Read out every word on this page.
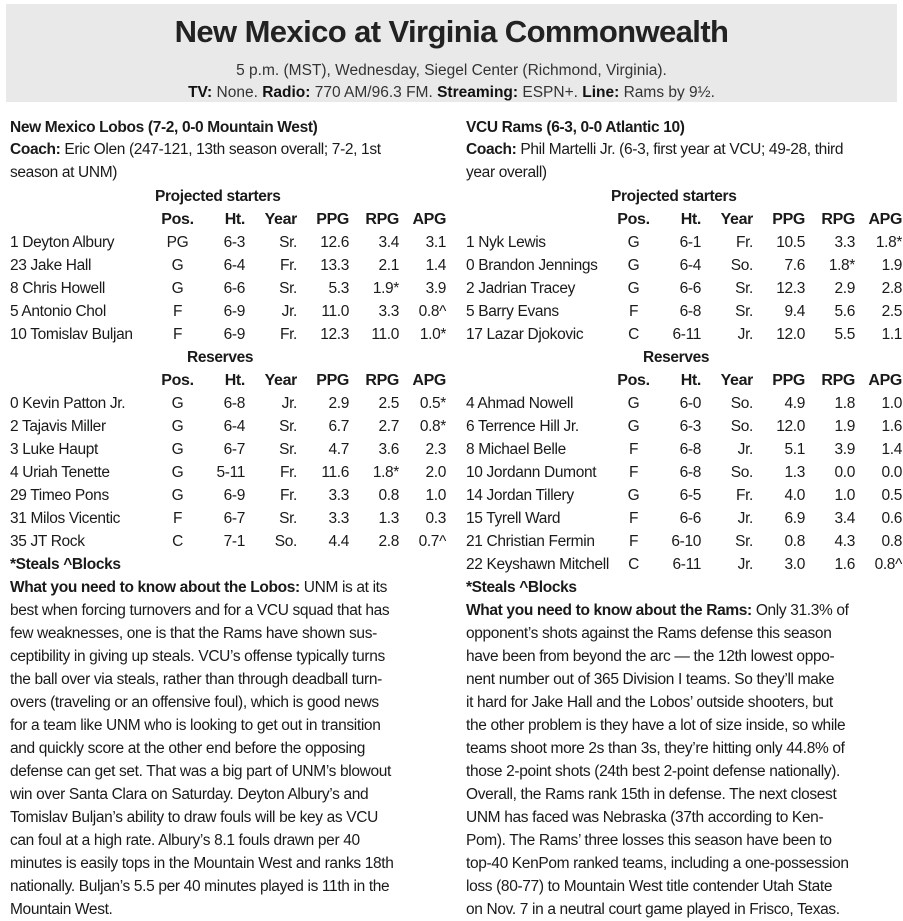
New Mexico at Virginia Commonwealth
5 p.m. (MST), Wednesday, Siegel Center (Richmond, Virginia).
TV: None. Radio: 770 AM/96.3 FM. Streaming: ESPN+. Line: Rams by 9½.
New Mexico Lobos (7-2, 0-0 Mountain West)
Coach: Eric Olen (247-121, 13th season overall; 7-2, 1st
season at UNM)
	Projected starters					
	Pos.	Ht.	Year	PPG	RPG	APG
1 Deyton Albury	PG	6-3	Sr.	12.6	3.4	3.1
23 Jake Hall	G	6-4	Fr.	13.3	2.1	1.4
8 Chris Howell	G	6-6	Sr.	5.3	1.9*	3.9
5 Antonio Chol	F	6-9	Jr.	11.0	3.3	0.8^
10 Tomislav Buljan	F	6-9	Fr.	12.3	11.0	1.0*
	Reserves					
	Pos.	Ht.	Year	PPG	RPG	APG
0 Kevin Patton Jr.	G	6-8	Jr.	2.9	2.5	0.5*
2 Tajavis Miller	G	6-4	Sr.	6.7	2.7	0.8*
3 Luke Haupt	G	6-7	Sr.	4.7	3.6	2.3
4 Uriah Tenette	G	5-11	Fr.	11.6	1.8*	2.0
29 Timeo Pons	G	6-9	Fr.	3.3	0.8	1.0
31 Milos Vicentic	F	6-7	Sr.	3.3	1.3	0.3
35 JT Rock	C	7-1	So.	4.4	2.8	0.7^
*Steals ^Blocks
What you need to know about the Lobos: UNM is at its
best when forcing turnovers and for a VCU squad that has
few weaknesses, one is that the Rams have shown sus-
ceptibility in giving up steals. VCU’s offense typically turns
the ball over via steals, rather than through deadball turn-
overs (traveling or an offensive foul), which is good news
for a team like UNM who is looking to get out in transition
and quickly score at the other end before the opposing
defense can get set. That was a big part of UNM’s blowout
win over Santa Clara on Saturday. Deyton Albury’s and
Tomislav Buljan’s ability to draw fouls will be key as VCU
can foul at a high rate. Albury’s 8.1 fouls drawn per 40
minutes is easily tops in the Mountain West and ranks 18th
nationally. Buljan’s 5.5 per 40 minutes played is 11th in the
Mountain West.
VCU Rams (6-3, 0-0 Atlantic 10)
Coach: Phil Martelli Jr. (6-3, first year at VCU; 49-28, third
year overall)
	Projected starters					
	Pos.	Ht.	Year	PPG	RPG	APG
1 Nyk Lewis	G	6-1	Fr.	10.5	3.3	1.8*
0 Brandon Jennings	G	6-4	So.	7.6	1.8*	1.9
2 Jadrian Tracey	G	6-6	Sr.	12.3	2.9	2.8
5 Barry Evans	F	6-8	Sr.	9.4	5.6	2.5
17 Lazar Djokovic	C	6-11	Jr.	12.0	5.5	1.1
	Reserves					
	Pos.	Ht.	Year	PPG	RPG	APG
4 Ahmad Nowell	G	6-0	So.	4.9	1.8	1.0
6 Terrence Hill Jr.	G	6-3	So.	12.0	1.9	1.6
8 Michael Belle	F	6-8	Jr.	5.1	3.9	1.4
10 Jordann Dumont	F	6-8	So.	1.3	0.0	0.0
14 Jordan Tillery	G	6-5	Fr.	4.0	1.0	0.5
15 Tyrell Ward	F	6-6	Jr.	6.9	3.4	0.6
21 Christian Fermin	F	6-10	Sr.	0.8	4.3	0.8
22 Keyshawn Mitchell	C	6-11	Jr.	3.0	1.6	0.8^
*Steals ^Blocks
What you need to know about the Rams: Only 31.3% of
opponent’s shots against the Rams defense this season
have been from beyond the arc — the 12th lowest oppo-
nent number out of 365 Division I teams. So they’ll make
it hard for Jake Hall and the Lobos’ outside shooters, but
the other problem is they have a lot of size inside, so while
teams shoot more 2s than 3s, they’re hitting only 44.8% of
those 2-point shots (24th best 2-point defense nationally).
Overall, the Rams rank 15th in defense. The next closest
UNM has faced was Nebraska (37th according to Ken-
Pom). The Rams’ three losses this season have been to
top-40 KenPom ranked teams, including a one-possession
loss (80-77) to Mountain West title contender Utah State
on Nov. 7 in a neutral court game played in Frisco, Texas.
